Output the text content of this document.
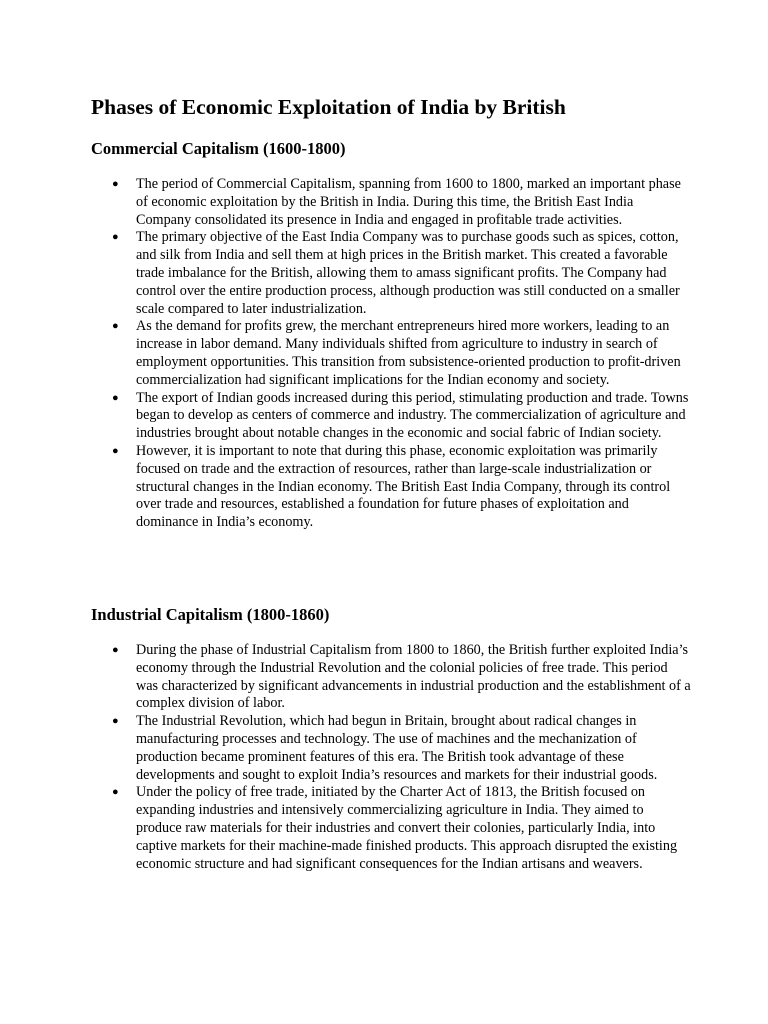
Phases of Economic Exploitation of India by British
Commercial Capitalism (1600-1800)
● The period of Commercial Capitalism, spanning from 1600 to 1800, marked an important phase of economic exploitation by the British in India. During this time, the British East India Company consolidated its presence in India and engaged in profitable trade activities.
● The primary objective of the East India Company was to purchase goods such as spices, cotton, and silk from India and sell them at high prices in the British market. This created a favorable trade imbalance for the British, allowing them to amass significant profits. The Company had control over the entire production process, although production was still conducted on a smaller scale compared to later industrialization.
● As the demand for profits grew, the merchant entrepreneurs hired more workers, leading to an increase in labor demand. Many individuals shifted from agriculture to industry in search of employment opportunities. This transition from subsistence-oriented production to profit-driven commercialization had significant implications for the Indian economy and society.
● The export of Indian goods increased during this period, stimulating production and trade. Towns began to develop as centers of commerce and industry. The commercialization of agriculture and industries brought about notable changes in the economic and social fabric of Indian society.
● However, it is important to note that during this phase, economic exploitation was primarily focused on trade and the extraction of resources, rather than large-scale industrialization or structural changes in the Indian economy. The British East India Company, through its control over trade and resources, established a foundation for future phases of exploitation and dominance in India’s economy.
Industrial Capitalism (1800-1860)
● During the phase of Industrial Capitalism from 1800 to 1860, the British further exploited India’s economy through the Industrial Revolution and the colonial policies of free trade. This period was characterized by significant advancements in industrial production and the establishment of a complex division of labor.
● The Industrial Revolution, which had begun in Britain, brought about radical changes in manufacturing processes and technology. The use of machines and the mechanization of production became prominent features of this era. The British took advantage of these developments and sought to exploit India’s resources and markets for their industrial goods.
● Under the policy of free trade, initiated by the Charter Act of 1813, the British focused on expanding industries and intensively commercializing agriculture in India. They aimed to produce raw materials for their industries and convert their colonies, particularly India, into captive markets for their machine-made finished products. This approach disrupted the existing economic structure and had significant consequences for the Indian artisans and weavers.
